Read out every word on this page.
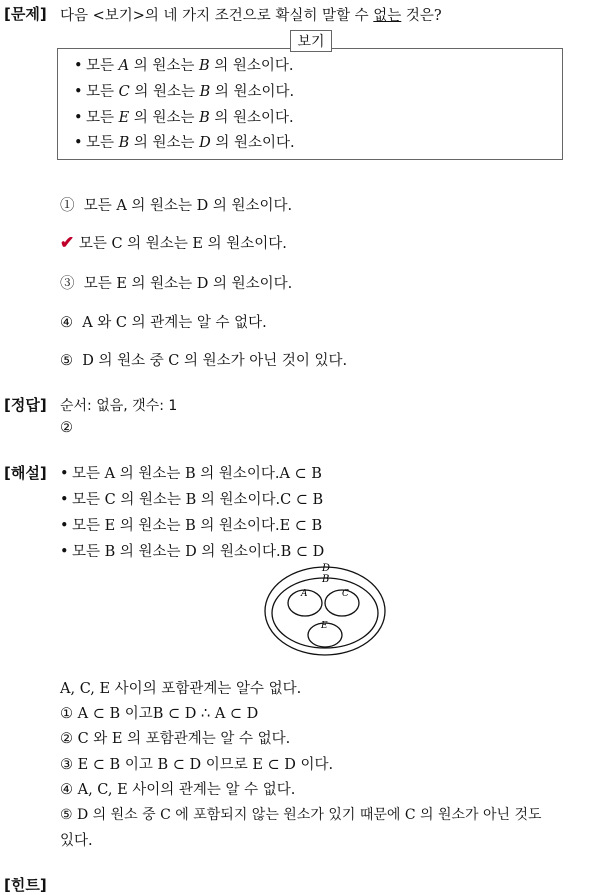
[문제] 다음 <보기>의 네 가지 조건으로 확실히 말할 수 없는 것은?
보기
• 모든 A 의 원소는 B 의 원소이다.
• 모든 C 의 원소는 B 의 원소이다.
• 모든 E 의 원소는 B 의 원소이다.
• 모든 B 의 원소는 D 의 원소이다.
① 모든 A 의 원소는 D 의 원소이다.
✔ 모든 C 의 원소는 E 의 원소이다.
③ 모든 E 의 원소는 D 의 원소이다.
④ A 와 C 의 관계는 알 수 없다.
⑤ D 의 원소 중 C 의 원소가 아닌 것이 있다.
[정답] 순서: 없음, 갯수: 1
②
[해설] • 모든 A 의 원소는 B 의 원소이다.A ⊂ B
• 모든 C 의 원소는 B 의 원소이다.C ⊂ B
• 모든 E 의 원소는 B 의 원소이다.E ⊂ B
• 모든 B 의 원소는 D 의 원소이다.B ⊂ D
D
B
A	C
E
A, C, E 사이의 포함관계는 알수 없다.
① A ⊂ B 이고B ⊂ D ∴ A ⊂ D
② C 와 E 의 포함관계는 알 수 없다.
③ E ⊂ B 이고 B ⊂ D 이므로 E ⊂ D 이다.
④ A, C, E 사이의 관계는 알 수 없다.
⑤ D 의 원소 중 C 에 포함되지 않는 원소가 있기 때문에 C 의 원소가 아닌 것도
있다.
[힌트]
